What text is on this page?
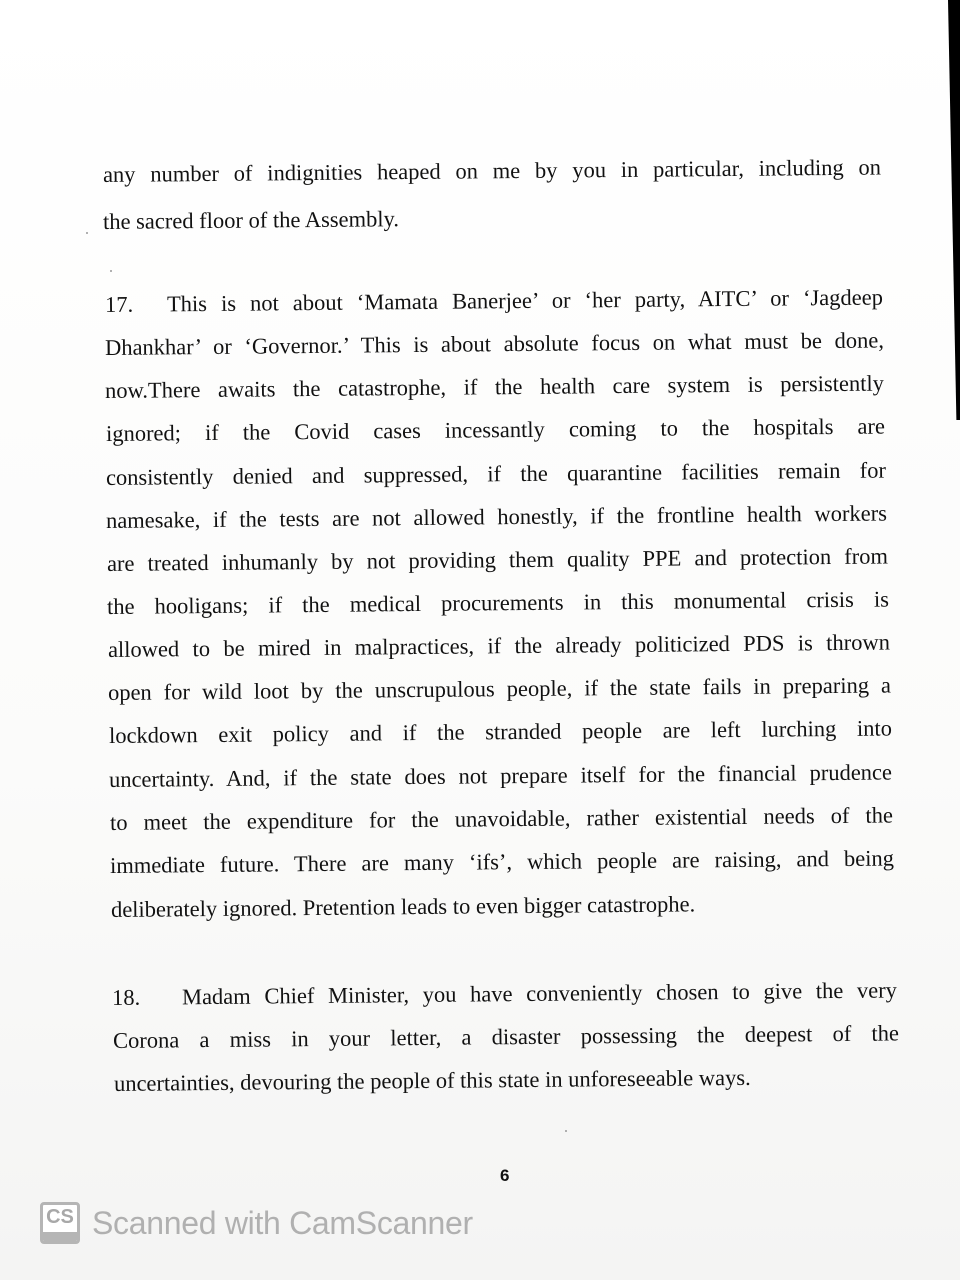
any number of indignities heaped on me by you in particular, including on
the sacred floor of the Assembly.
17. This is not about ‘Mamata Banerjee’ or ‘her party, AITC’ or ‘Jagdeep
Dhankhar’ or ‘Governor.’ This is about absolute focus on what must be done,
now.There awaits the catastrophe, if the health care system is persistently
ignored; if the Covid cases incessantly coming to the hospitals are
consistently denied and suppressed, if the quarantine facilities remain for
namesake, if the tests are not allowed honestly, if the frontline health workers
are treated inhumanly by not providing them quality PPE and protection from
the hooligans; if the medical procurements in this monumental crisis is
allowed to be mired in malpractices, if the already politicized PDS is thrown
open for wild loot by the unscrupulous people, if the state fails in preparing a
lockdown exit policy and if the stranded people are left lurching into
uncertainty. And, if the state does not prepare itself for the financial prudence
to meet the expenditure for the unavoidable, rather existential needs of the
immediate future. There are many ‘ifs’, which people are raising, and being
deliberately ignored. Pretention leads to even bigger catastrophe.
18. Madam Chief Minister, you have conveniently chosen to give the very
Corona a miss in your letter, a disaster possessing the deepest of the
uncertainties, devouring the people of this state in unforeseeable ways.
6
CS Scanned with CamScanner
